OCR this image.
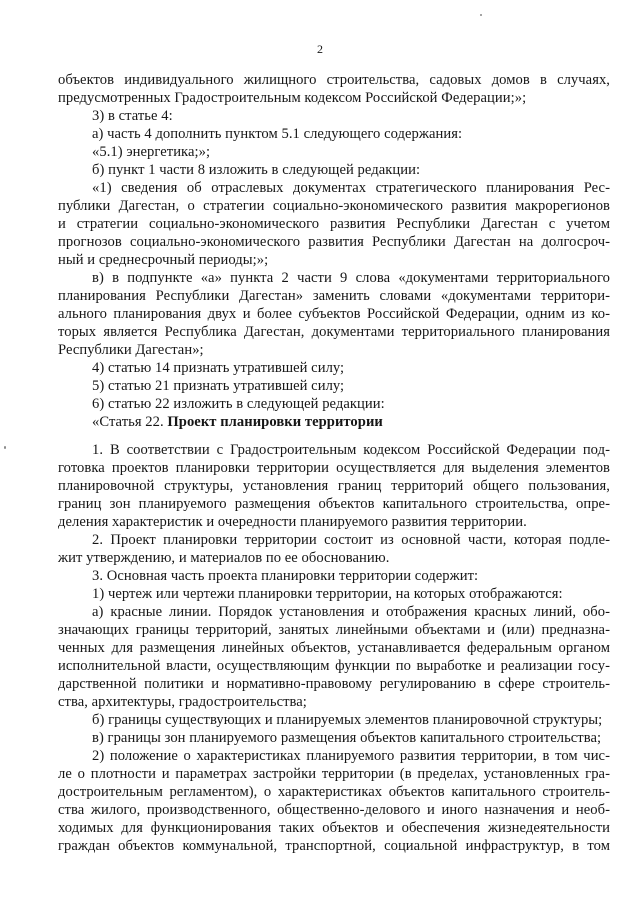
2
объектов индивидуального жилищного строительства, садовых домов в случаях,
предусмотренных Градостроительным кодексом Российской Федерации;»;
3) в статье 4:
а) часть 4 дополнить пунктом 5.1 следующего содержания:
«5.1) энергетика;»;
б) пункт 1 части 8 изложить в следующей редакции:
«1) сведения об отраслевых документах стратегического планирования Рес-
публики Дагестан, о стратегии социально-экономического развития макрорегионов
и стратегии социально-экономического развития Республики Дагестан с учетом
прогнозов социально-экономического развития Республики Дагестан на долгосроч-
ный и среднесрочный периоды;»;
в) в подпункте «а» пункта 2 части 9 слова «документами территориального
планирования Республики Дагестан» заменить словами «документами территори-
ального планирования двух и более субъектов Российской Федерации, одним из ко-
торых является Республика Дагестан, документами территориального планирования
Республики Дагестан»;
4) статью 14 признать утратившей силу;
5) статью 21 признать утратившей силу;
6) статью 22 изложить в следующей редакции:
«Статья 22. Проект планировки территории
1. В соответствии с Градостроительным кодексом Российской Федерации под-
готовка проектов планировки территории осуществляется для выделения элементов
планировочной структуры, установления границ территорий общего пользования,
границ зон планируемого размещения объектов капитального строительства, опре-
деления характеристик и очередности планируемого развития территории.
2. Проект планировки территории состоит из основной части, которая подле-
жит утверждению, и материалов по ее обоснованию.
3. Основная часть проекта планировки территории содержит:
1) чертеж или чертежи планировки территории, на которых отображаются:
а) красные линии. Порядок установления и отображения красных линий, обо-
значающих границы территорий, занятых линейными объектами и (или) предназна-
ченных для размещения линейных объектов, устанавливается федеральным органом
исполнительной власти, осуществляющим функции по выработке и реализации госу-
дарственной политики и нормативно-правовому регулированию в сфере строитель-
ства, архитектуры, градостроительства;
б) границы существующих и планируемых элементов планировочной структуры;
в) границы зон планируемого размещения объектов капитального строительства;
2) положение о характеристиках планируемого развития территории, в том чис-
ле о плотности и параметрах застройки территории (в пределах, установленных гра-
достроительным регламентом), о характеристиках объектов капитального строитель-
ства жилого, производственного, общественно-делового и иного назначения и необ-
ходимых для функционирования таких объектов и обеспечения жизнедеятельности
граждан объектов коммунальной, транспортной, социальной инфраструктур, в том
